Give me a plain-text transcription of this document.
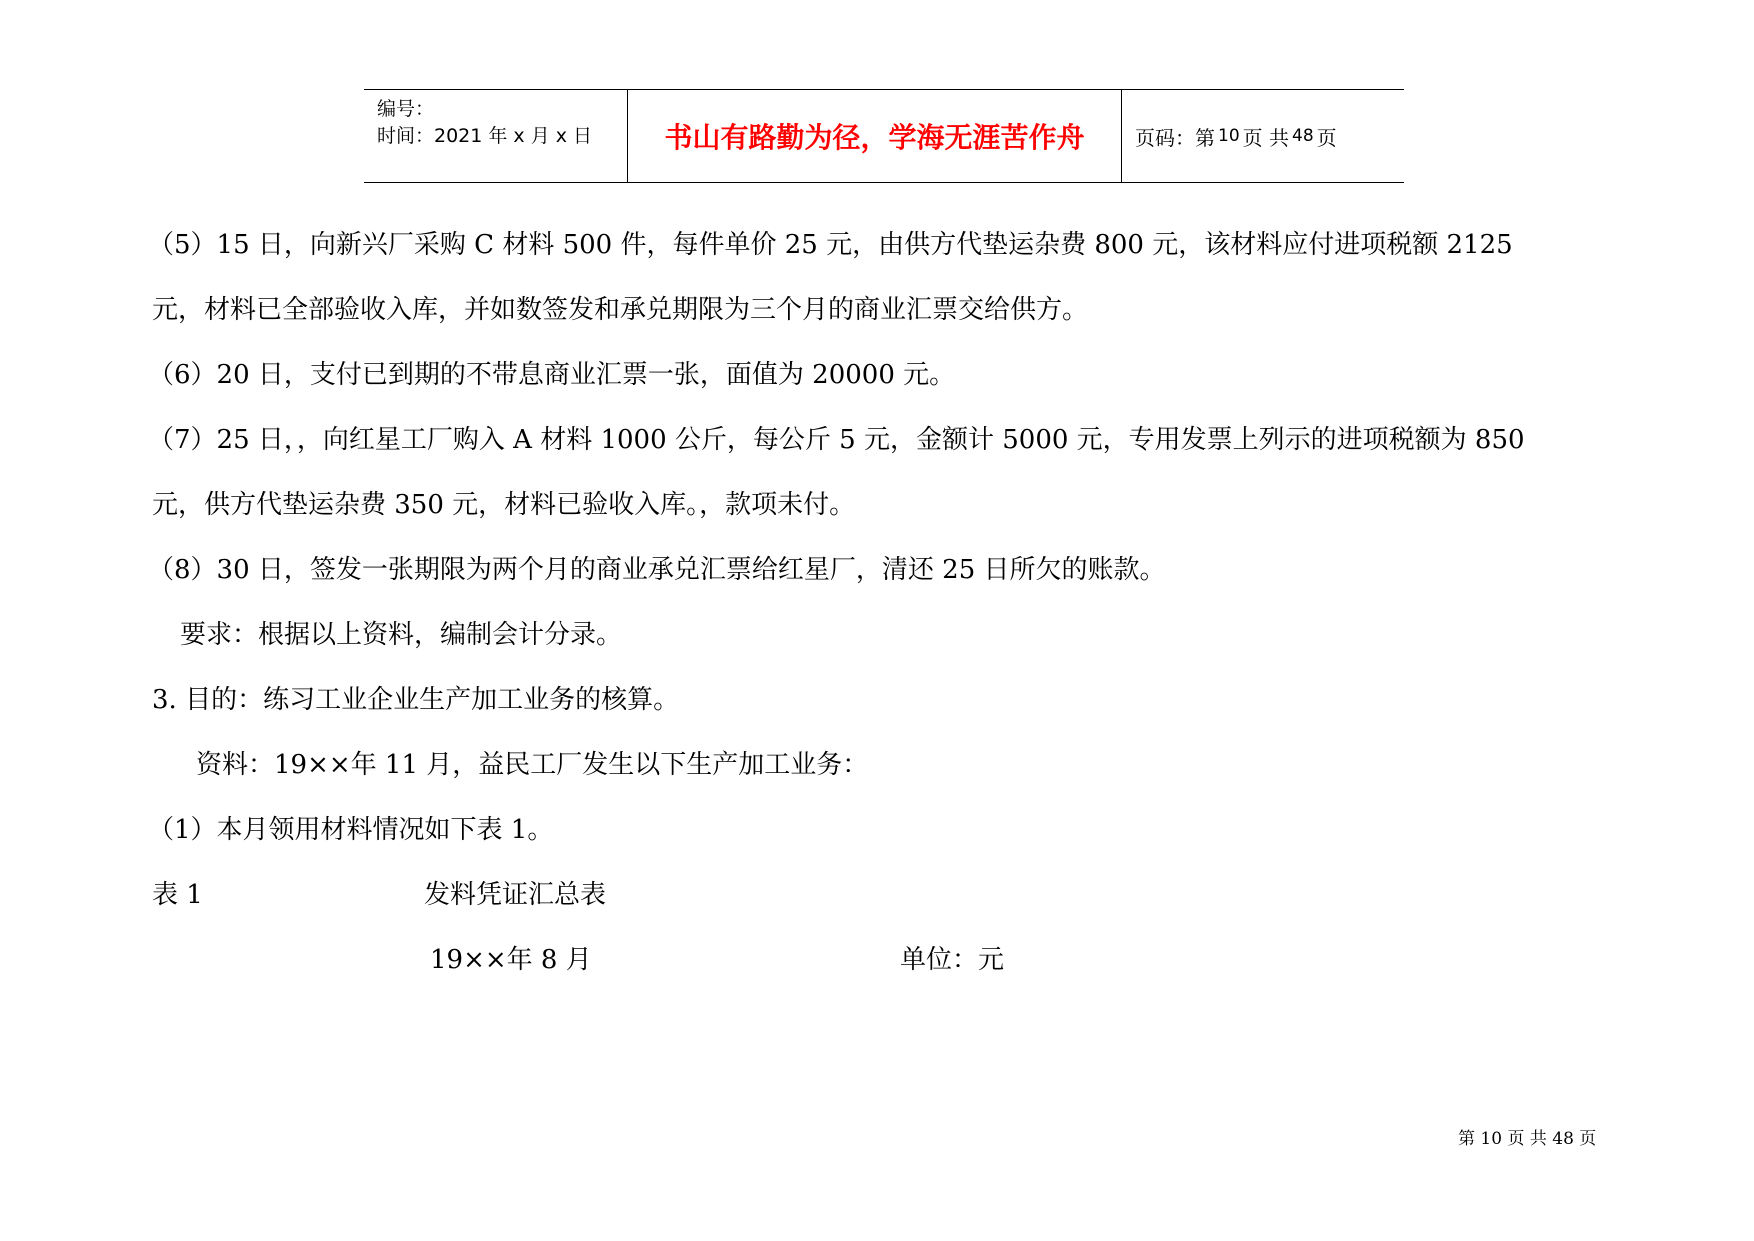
编号：
时间：2021 年 x 月 x 日	书山有路勤为径，学海无涯苦作舟	页码：第 10 页 共 48 页
（5）15 日，向新兴厂采购 C 材料 500 件，每件单价 25 元，由供方代垫运杂费 800 元，该材料应付进项税额 2125
元，材料已全部验收入库，并如数签发和承兑期限为三个月的商业汇票交给供方。
（6）20 日，支付已到期的不带息商业汇票一张，面值为 20000 元。
（7）25 日，，向红星工厂购入 A 材料 1000 公斤，每公斤 5 元，金额计 5000 元，专用发票上列示的进项税额为 850
元，供方代垫运杂费 350 元，材料已验收入库。，款项未付。
（8）30 日，签发一张期限为两个月的商业承兑汇票给红星厂，清还 25 日所欠的账款。
要求：根据以上资料，编制会计分录。
3. 目的：练习工业企业生产加工业务的核算。
资料：19××年 11 月，益民工厂发生以下生产加工业务：
（1）本月领用材料情况如下表 1。
表 1	发料凭证汇总表
19××年 8 月	单位：元
第 10 页 共 48 页
